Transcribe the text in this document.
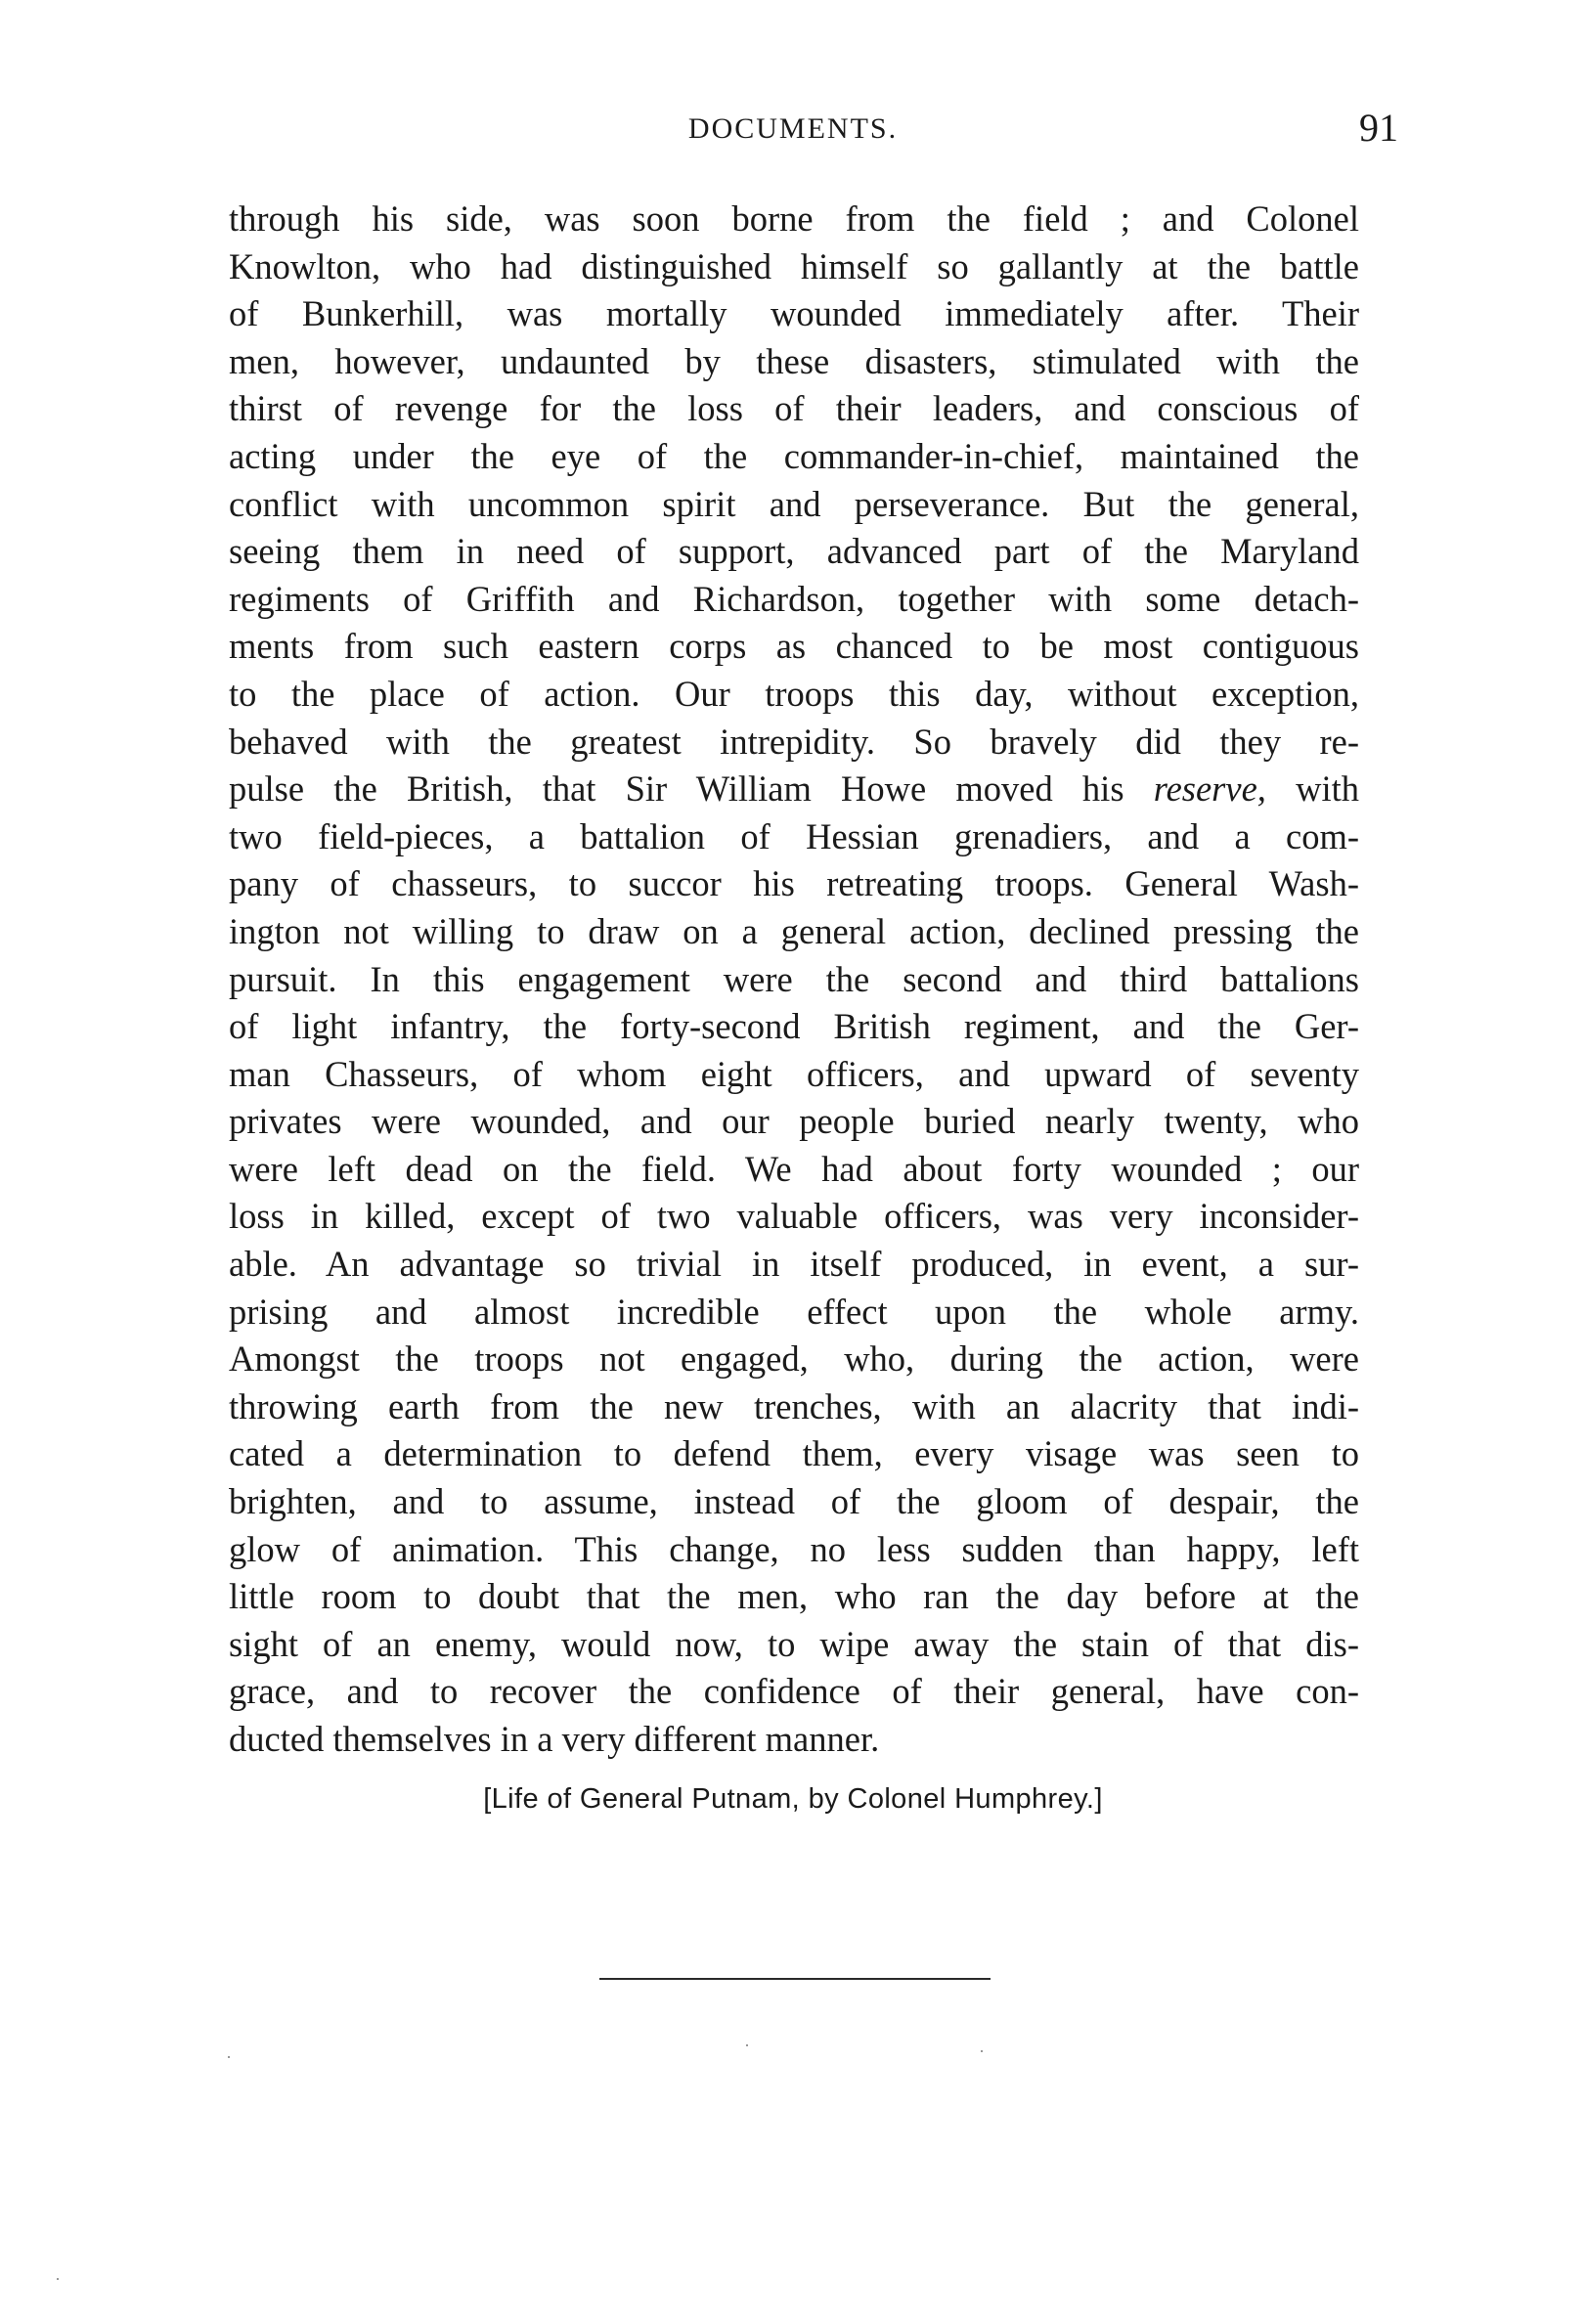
DOCUMENTS.	91
through his side, was soon borne from the field ; and Colonel
Knowlton, who had distinguished himself so gallantly at the battle
of Bunkerhill, was mortally wounded immediately after. Their
men, however, undaunted by these disasters, stimulated with the
thirst of revenge for the loss of their leaders, and conscious of
acting under the eye of the commander-in-chief, maintained the
conflict with uncommon spirit and perseverance. But the general,
seeing them in need of support, advanced part of the Maryland
regiments of Griffith and Richardson, together with some detach-
ments from such eastern corps as chanced to be most contiguous
to the place of action. Our troops this day, without exception,
behaved with the greatest intrepidity. So bravely did they re-
pulse the British, that Sir William Howe moved his reserve, with
two field-pieces, a battalion of Hessian grenadiers, and a com-
pany of chasseurs, to succor his retreating troops. General Wash-
ington not willing to draw on a general action, declined pressing the
pursuit. In this engagement were the second and third battalions
of light infantry, the forty-second British regiment, and the Ger-
man Chasseurs, of whom eight officers, and upward of seventy
privates were wounded, and our people buried nearly twenty, who
were left dead on the field. We had about forty wounded ; our
loss in killed, except of two valuable officers, was very inconsider-
able. An advantage so trivial in itself produced, in event, a sur-
prising and almost incredible effect upon the whole army.
Amongst the troops not engaged, who, during the action, were
throwing earth from the new trenches, with an alacrity that indi-
cated a determination to defend them, every visage was seen to
brighten, and to assume, instead of the gloom of despair, the
glow of animation. This change, no less sudden than happy, left
little room to doubt that the men, who ran the day before at the
sight of an enemy, would now, to wipe away the stain of that dis-
grace, and to recover the confidence of their general, have con-
ducted themselves in a very different manner.
[Life of General Putnam, by Colonel Humphrey.]
